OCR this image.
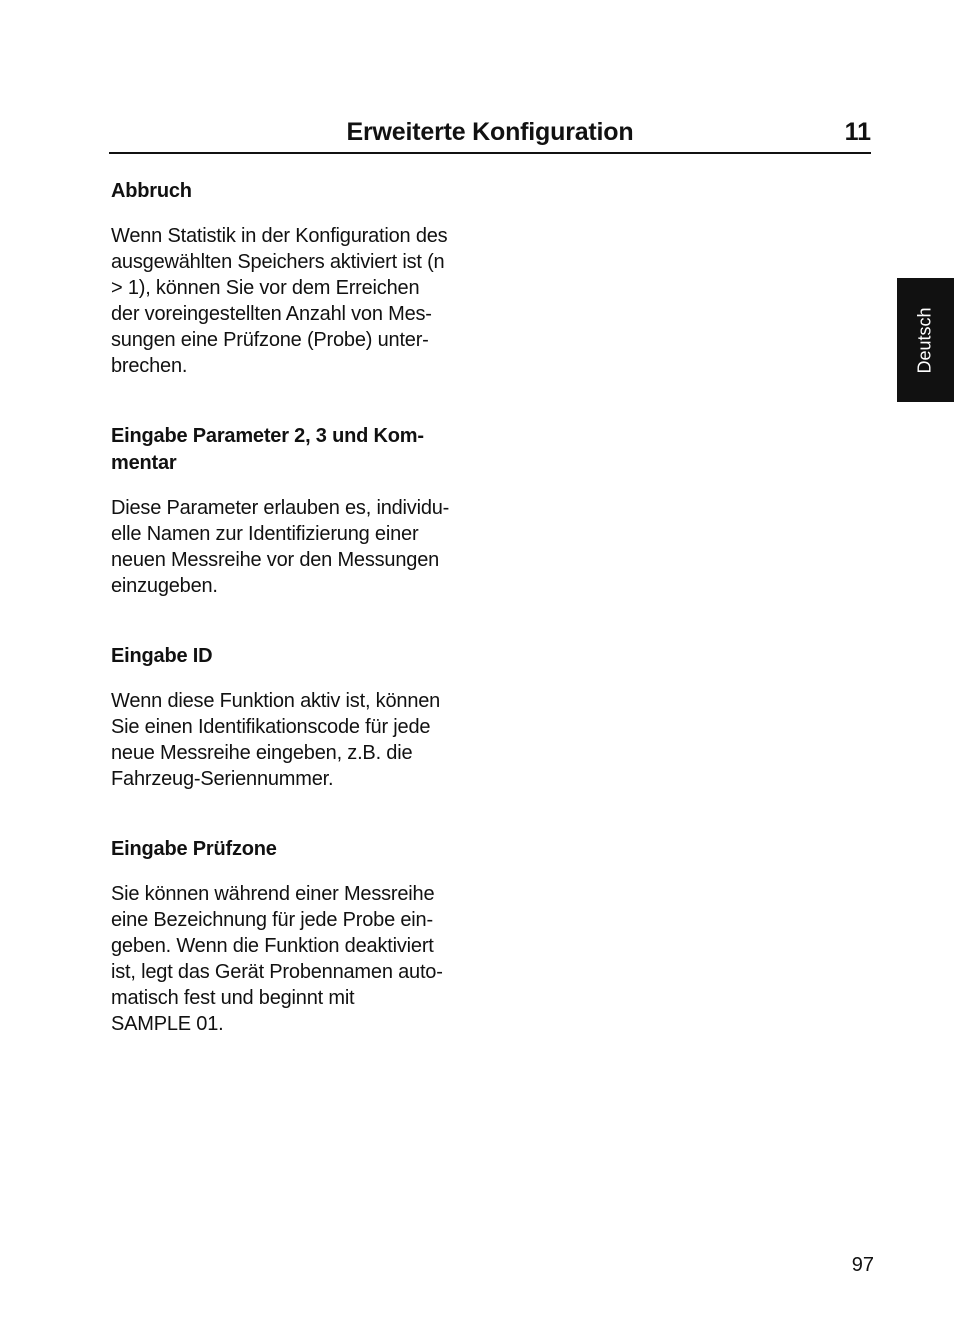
Erweiterte Konfiguration	11
Deutsch
Abbruch

Wenn Statistik in der Konfiguration des
ausgewählten Speichers aktiviert ist (n
> 1), können Sie vor dem Erreichen
der voreingestellten Anzahl von Mes-
sungen eine Prüfzone (Probe) unter-
brechen.

Eingabe Parameter 2, 3 und Kom-
mentar

Diese Parameter erlauben es, individu-
elle Namen zur Identifizierung einer
neuen Messreihe vor den Messungen
einzugeben.

Eingabe ID

Wenn diese Funktion aktiv ist, können
Sie einen Identifikationscode für jede
neue Messreihe eingeben, z.B. die
Fahrzeug-Seriennummer.

Eingabe Prüfzone

Sie können während einer Messreihe
eine Bezeichnung für jede Probe ein-
geben. Wenn die Funktion deaktiviert
ist, legt das Gerät Probennamen auto-
matisch fest und beginnt mit
SAMPLE 01.

97
